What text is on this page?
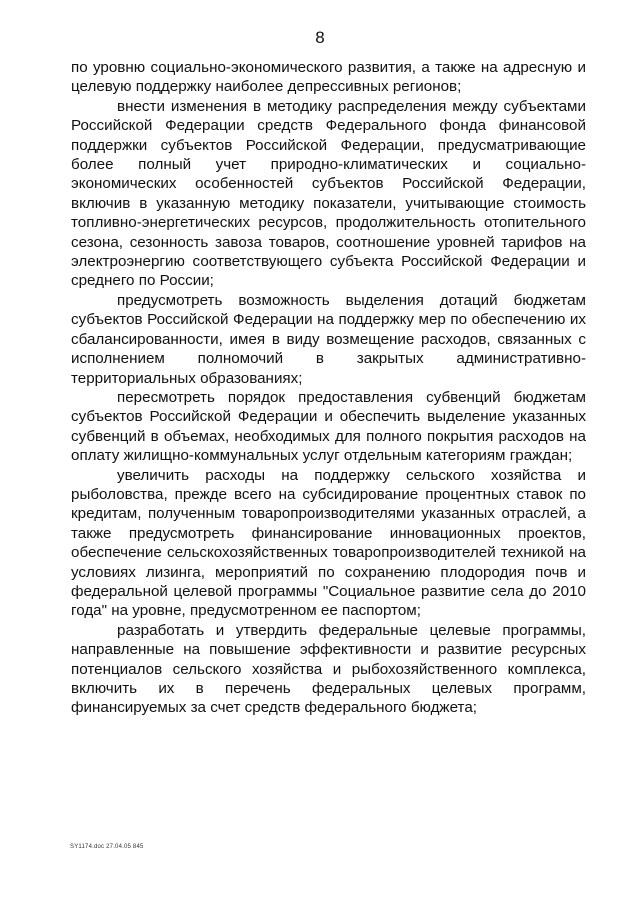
8

по уровню социально-экономического развития, а также на адресную и целевую поддержку наиболее депрессивных регионов;

внести изменения в методику распределения между субъектами Российской Федерации средств Федерального фонда финансовой поддержки субъектов Российской Федерации, предусматривающие более полный учет природно-климатических и социально-экономических особенностей субъектов Российской Федерации, включив в указанную методику показатели, учитывающие стоимость топливно-энергетических ресурсов, продолжительность отопительного сезона, сезонность завоза товаров, соотношение уровней тарифов на электроэнергию соответствующего субъекта Российской Федерации и среднего по России;

предусмотреть возможность выделения дотаций бюджетам субъектов Российской Федерации на поддержку мер по обеспечению их сбалансированности, имея в виду возмещение расходов, связанных с исполнением полномочий в закрытых административно-территориальных образованиях;

пересмотреть порядок предоставления субвенций бюджетам субъектов Российской Федерации и обеспечить выделение указанных субвенций в объемах, необходимых для полного покрытия расходов на оплату жилищно-коммунальных услуг отдельным категориям граждан;

увеличить расходы на поддержку сельского хозяйства и рыболовства, прежде всего на субсидирование процентных ставок по кредитам, полученным товаропроизводителями указанных отраслей, а также предусмотреть финансирование инновационных проектов, обеспечение сельскохозяйственных товаропроизводителей техникой на условиях лизинга, мероприятий по сохранению плодородия почв и федеральной целевой программы "Социальное развитие села до 2010 года" на уровне, предусмотренном ее паспортом;

разработать и утвердить федеральные целевые программы, направленные на повышение эффективности и развитие ресурсных потенциалов сельского хозяйства и рыбохозяйственного комплекса, включить их в перечень федеральных целевых программ, финансируемых за счет средств федерального бюджета;

SY1174.doc 27.04.05 845
